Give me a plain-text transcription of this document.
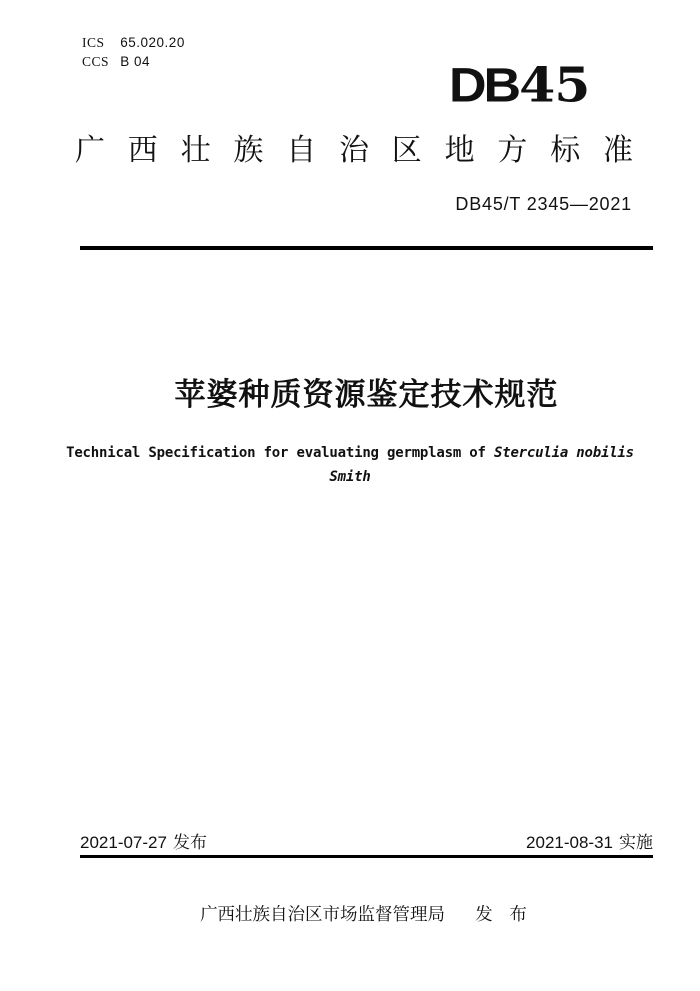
ICS 65.020.20
CCS B 04	DB 45
广西壮族自治区地方标准
DB45/T 2345—2021
苹婆种质资源鉴定技术规范
Technical Specification for evaluating germplasm of Sterculia nobilis
Smith
2021-07-27 发布	2021-08-31 实施
广西壮族自治区市场监督管理局 发 布
